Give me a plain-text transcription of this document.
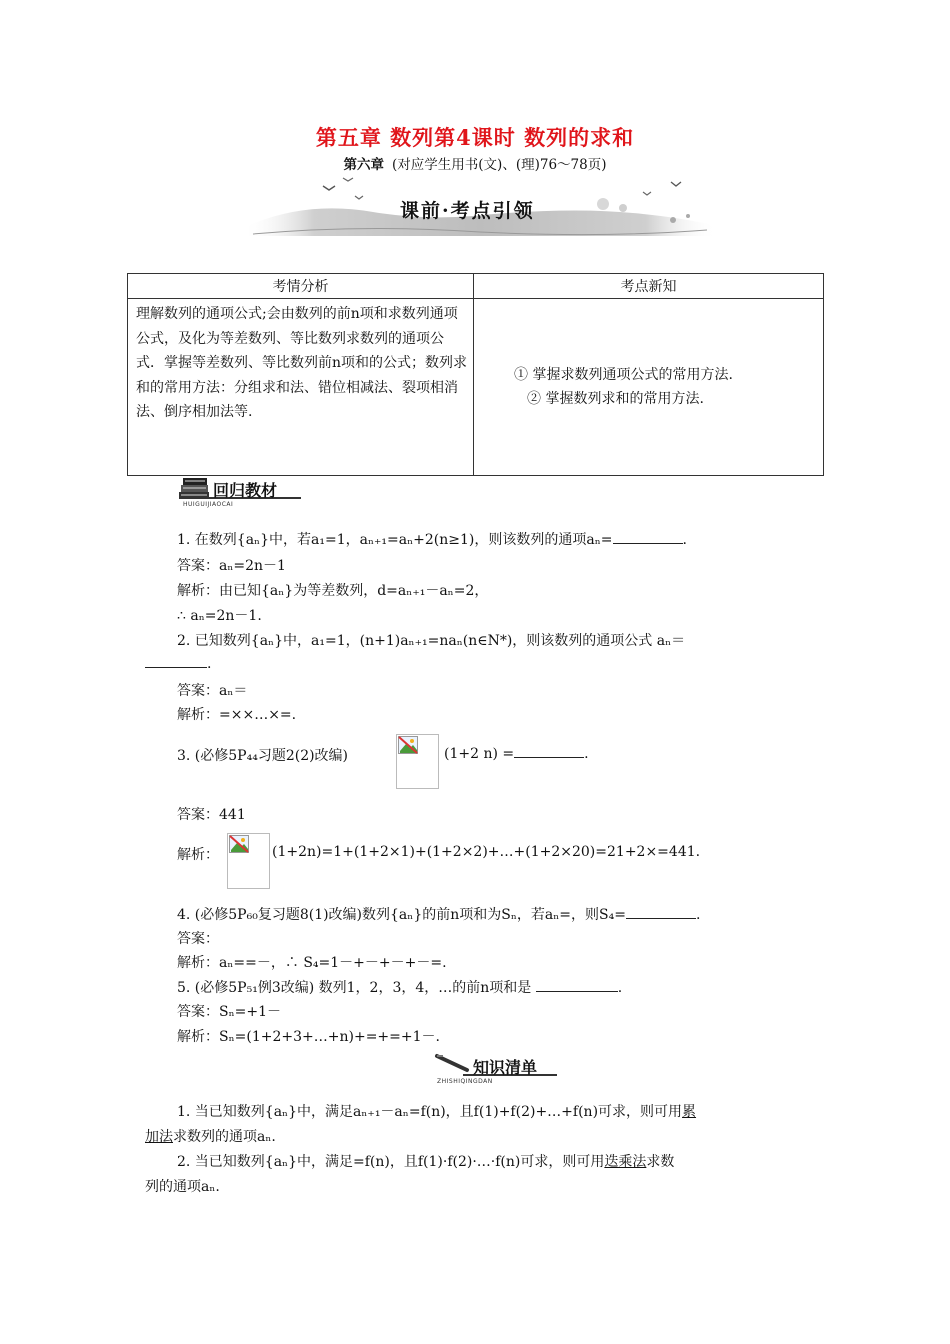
第五章 数列第4课时 数列的求和
第六章 (对应学生用书(文)、(理)76～78页)
课前·考点引领
考情分析	考点新知
理解数列的通项公式;会由数列的前n项和求数列通项公式，及化为等差数列、等比数列求数列的通项公式．掌握等差数列、等比数列前n项和的公式；数列求和的常用方法：分组求和法、错位相减法、裂项相消法、倒序相加法等.	① 掌握求数列通项公式的常用方法.
② 掌握数列求和的常用方法.
回归教材
HUIGUIJIAOCAI
1. 在数列{aₙ}中，若a₁=1，aₙ₊₁=aₙ+2(n≥1)，则该数列的通项aₙ=	.
答案：aₙ=2n－1
解析：由已知{aₙ}为等差数列，d=aₙ₊₁－aₙ=2，
∴ aₙ=2n－1.
2. 已知数列{aₙ}中，a₁=1，(n+1)aₙ₊₁=naₙ(n∈N*)，则该数列的通项公式 aₙ＝
.
答案：aₙ＝
解析：=××…×=.
3. (必修5P₄₄习题2(2)改编)	(1+2 n) =	.
答案：441
解析：	(1+2n)=1+(1+2×1)+(1+2×2)+…+(1+2×20)=21+2×=441.
4. (必修5P₆₀复习题8(1)改编)数列{aₙ}的前n项和为Sₙ，若aₙ=，则S₄=	.
答案：
解析：aₙ==－，∴ S₄=1－+－+－+－=.
5. (必修5P₅₁例3改编) 数列1，2，3，4，…的前n项和是	.
答案：Sₙ=+1－
解析：Sₙ=(1+2+3+…+n)+=+=+1－.
知识清单
ZHISHIQINGDAN
1. 当已知数列{aₙ}中，满足aₙ₊₁－aₙ=f(n)，且f(1)+f(2)+…+f(n)可求，则可用累
加法求数列的通项aₙ.
2. 当已知数列{aₙ}中，满足=f(n)，且f(1)·f(2)·…·f(n)可求，则可用迭乘法求数
列的通项aₙ.
